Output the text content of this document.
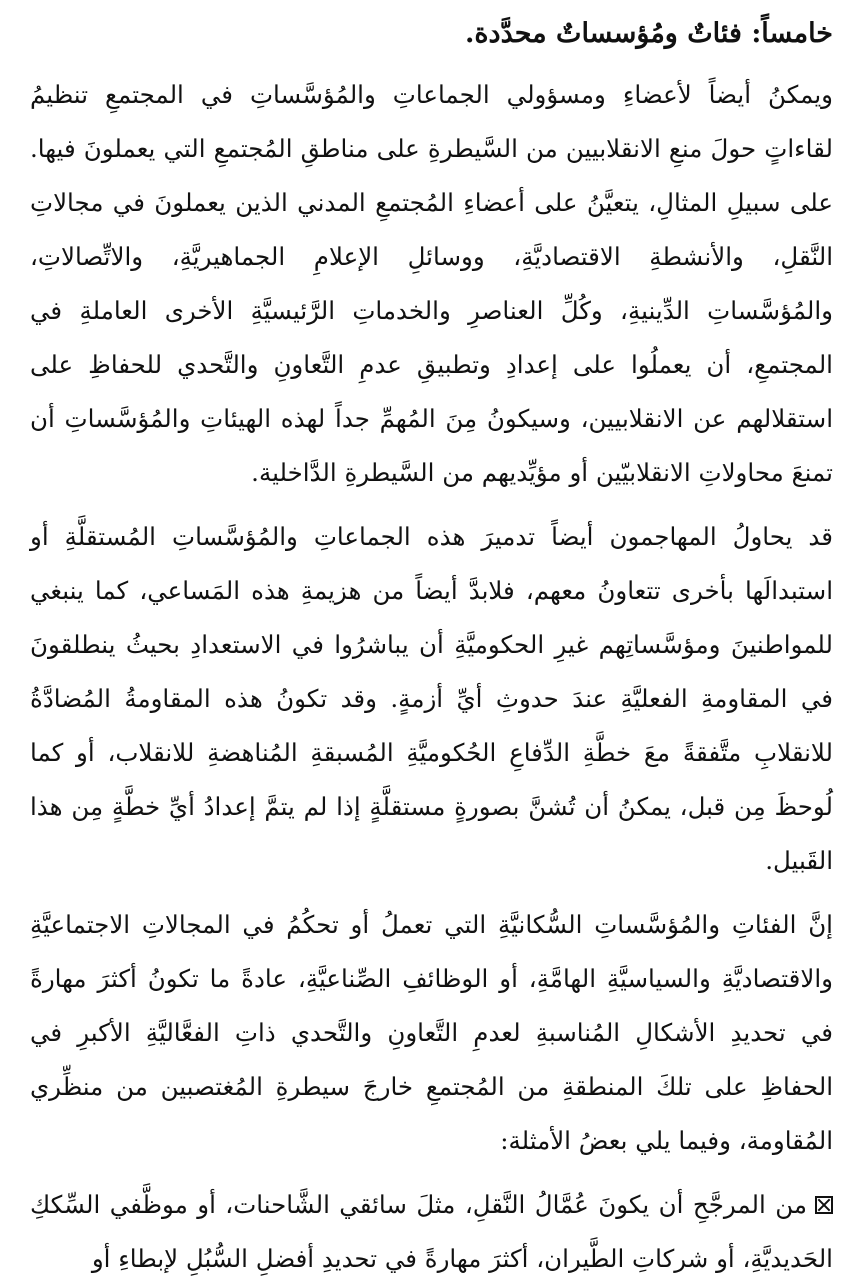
خامساً: فئاتٌ ومُؤسساتٌ محدَّدة.

ويمكنُ أيضاً لأعضاءِ ومسؤولي الجماعاتِ والمُؤسَّساتِ في المجتمعِ تنظيمُ لقاءاتٍ حولَ منعِ الانقلابيين من السَّيطرةِ على مناطقِ المُجتمعِ التي يعملونَ فيها. على سبيلِ المثالِ، يتعيَّنُ على أعضاءِ المُجتمعِ المدني الذين يعملونَ في مجالاتِ النَّقلِ، والأنشطةِ الاقتصاديَّةِ، ووسائلِ الإعلامِ الجماهيريَّةِ، والاتِّصالاتِ، والمُؤسَّساتِ الدِّينيةِ، وكُلِّ العناصرِ والخدماتِ الرَّئيسيَّةِ الأخرى العاملةِ في المجتمعِ، أن يعملُوا على إعدادِ وتطبيقِ عدمِ التَّعاونِ والتَّحدي للحفاظِ على استقلالهم عن الانقلابيين، وسيكونُ مِنَ المُهمِّ جداً لهذه الهيئاتِ والمُؤسَّساتِ أن تمنعَ محاولاتِ الانقلابيّين أو مؤيِّديهم من السَّيطرةِ الدَّاخلية.

قد يحاولُ المهاجمون أيضاً تدميرَ هذه الجماعاتِ والمُؤسَّساتِ المُستقلَّةِ أو استبدالَها بأخرى تتعاونُ معهم، فلابدَّ أيضاً من هزيمةِ هذه المَساعي، كما ينبغي للمواطنينَ ومؤسَّساتِهم غيرِ الحكوميَّةِ أن يباشرُوا في الاستعدادِ بحيثُ ينطلقونَ في المقاومةِ الفعليَّةِ عندَ حدوثِ أيِّ أزمةٍ. وقد تكونُ هذه المقاومةُ المُضادَّةُ للانقلابِ متَّفقةً معَ خطَّةِ الدِّفاعِ الحُكوميَّةِ المُسبقةِ المُناهضةِ للانقلاب، أو كما لُوحظَ مِن قبل، يمكنُ أن تُشنَّ بصورةٍ مستقلَّةٍ إذا لم يتمَّ إعدادُ أيِّ خطَّةٍ مِن هذا القَبيل.

إنَّ الفئاتِ والمُؤسَّساتِ السُّكانيَّةِ التي تعملُ أو تحكُمُ في المجالاتِ الاجتماعيَّةِ والاقتصاديَّةِ والسياسيَّةِ الهامَّةِ، أو الوظائفِ الصِّناعيَّةِ، عادةً ما تكونُ أكثرَ مهارةً في تحديدِ الأشكالِ المُناسبةِ لعدمِ التَّعاونِ والتَّحدي ذاتِ الفعَّاليَّةِ الأكبرِ في الحفاظِ على تلكَ المنطقةِ من المُجتمعِ خارجَ سيطرةِ المُغتصبين من منظِّري المُقاومة، وفيما يلي بعضُ الأمثلة:

من المرجَّحِ أن يكونَ عُمَّالُ النَّقلِ، مثلَ سائقي الشَّاحنات، أو موظَّفي السِّككِ الحَديديَّةِ، أو شركاتِ الطَّيران، أكثرَ مهارةً في تحديدِ أفضلِ السُّبُلِ لإبطاءِ أو
